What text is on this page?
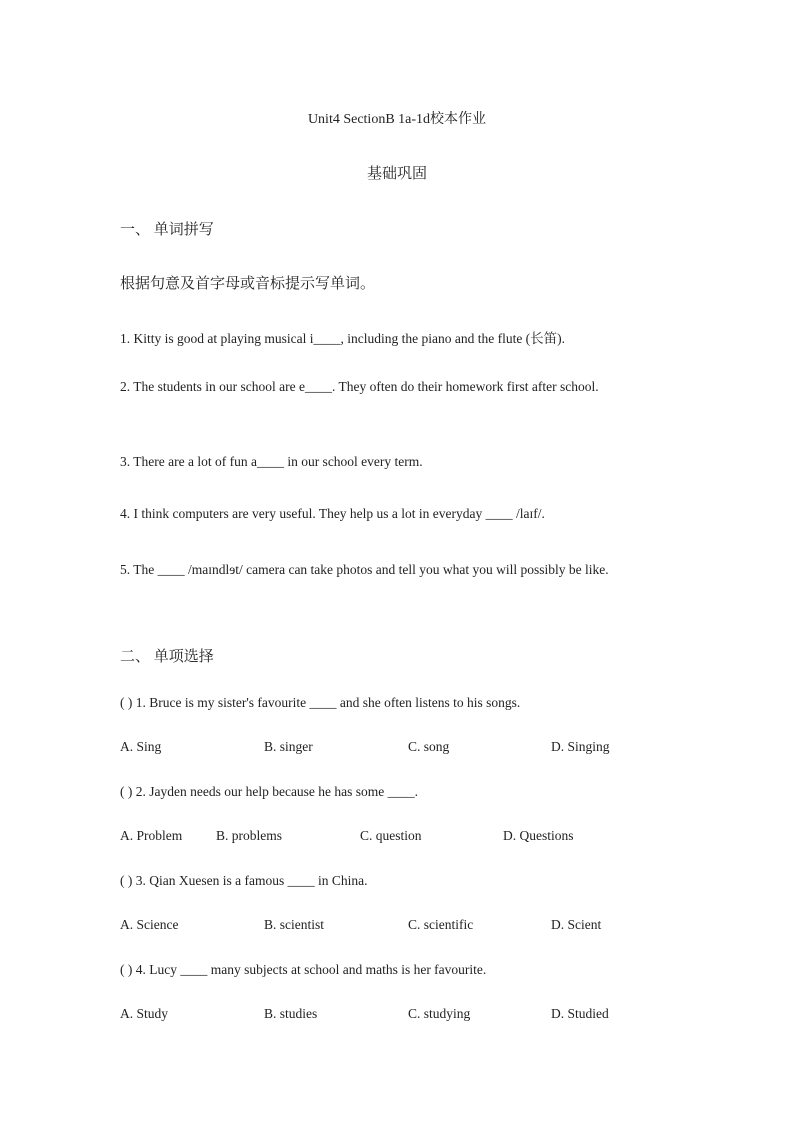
Unit4 SectionB 1a-1d校本作业
基础巩固
一、 单词拼写
根据句意及首字母或音标提示写单词。
1. Kitty is good at playing musical i____, including the piano and the flute (长笛).
2. The students in our school are e____. They often do their homework first after school.
3. There are a lot of fun a____ in our school every term.
4. I think computers are very useful. They help us a lot in everyday ____ /laɪf/.
5. The ____ /maɪndlɘt/ camera can take photos and tell you what you will possibly be like.
二、 单项选择
( ) 1. Bruce is my sister's favourite ____ and she often listens to his songs.
A. Sing	B. singer	C. song	D. Singing
( ) 2. Jayden needs our help because he has some ____.
A. Problem	B. problems	C. question	D. Questions
( ) 3. Qian Xuesen is a famous ____ in China.
A. Science	B. scientist	C. scientific	D. Scient
( ) 4. Lucy ____ many subjects at school and maths is her favourite.
A. Study	B. studies	C. studying	D. Studied
